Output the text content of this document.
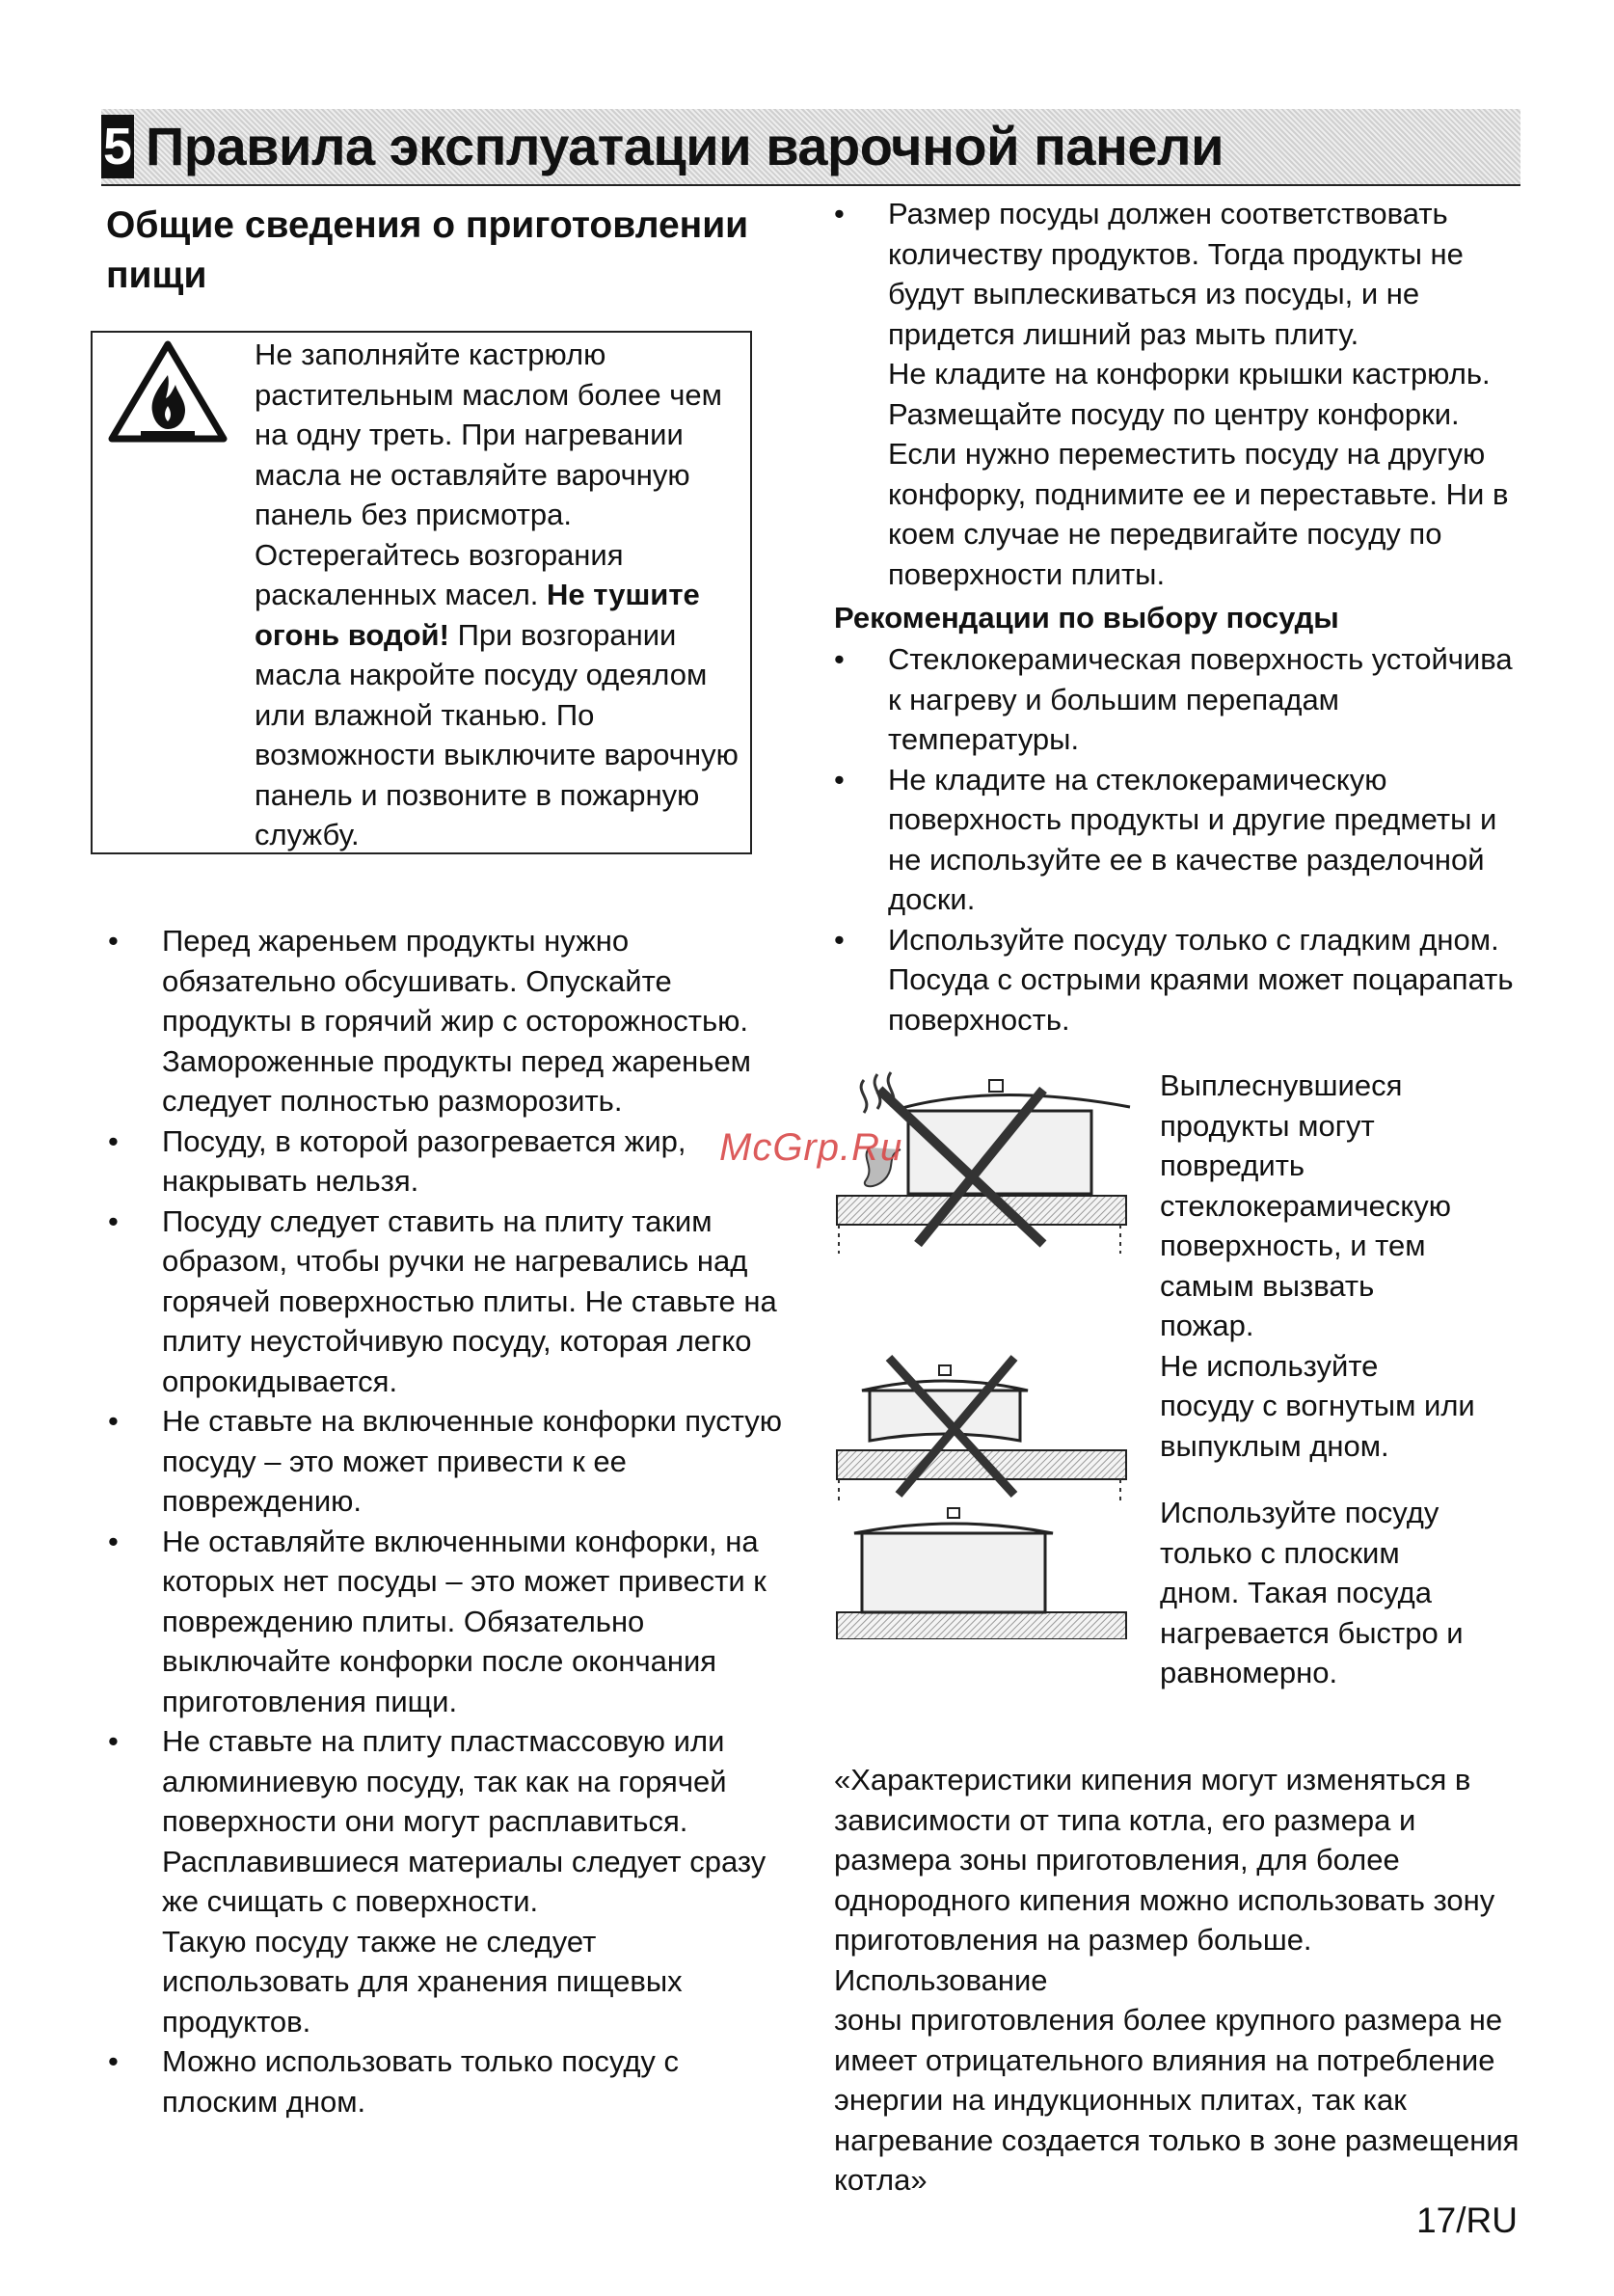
5 Правила эксплуатации варочной панели
Общие сведения о приготовлении
пищи
Не заполняйте кастрюлю
растительным маслом более чем
на одну треть. При нагревании
масла не оставляйте варочную
панель без присмотра.
Остерегайтесь возгорания
раскаленных масел. Не тушите
огонь водой! При возгорании
масла накройте посуду одеялом
или влажной тканью. По
возможности выключите варочную
панель и позвоните в пожарную
службу.
• Перед жареньем продукты нужно
обязательно обсушивать. Опускайте
продукты в горячий жир с осторожностью.
Замороженные продукты перед жареньем
следует полностью разморозить.
• Посуду, в которой разогревается жир,
накрывать нельзя.
• Посуду следует ставить на плиту таким
образом, чтобы ручки не нагревались над
горячей поверхностью плиты. Не ставьте на
плиту неустойчивую посуду, которая легко
опрокидывается.
• Не ставьте на включенные конфорки пустую
посуду – это может привести к ее
повреждению.
• Не оставляйте включенными конфорки, на
которых нет посуды – это может привести к
повреждению плиты. Обязательно
выключайте конфорки после окончания
приготовления пищи.
• Не ставьте на плиту пластмассовую или
алюминиевую посуду, так как на горячей
поверхности они могут расплавиться.
Расплавившиеся материалы следует сразу
же счищать с поверхности.
Такую посуду также не следует
использовать для хранения пищевых
продуктов.
• Можно использовать только посуду с
плоским дном.
• Размер посуды должен соответствовать
количеству продуктов. Тогда продукты не
будут выплескиваться из посуды, и не
придется лишний раз мыть плиту.
Не кладите на конфорки крышки кастрюль.
Размещайте посуду по центру конфорки.
Если нужно переместить посуду на другую
конфорку, поднимите ее и переставьте. Ни в
коем случае не передвигайте посуду по
поверхности плиты.
Рекомендации по выбору посуды
• Стеклокерамическая поверхность устойчива
к нагреву и большим перепадам
температуры.
• Не кладите на стеклокерамическую
поверхность продукты и другие предметы и
не используйте ее в качестве разделочной
доски.
• Используйте посуду только с гладким дном.
Посуда с острыми краями может поцарапать
поверхность.
Выплеснувшиеся
продукты могут
повредить
стеклокерамическую
поверхность, и тем
самым вызвать
пожар.
Не используйте
посуду с вогнутым или
выпуклым дном.
Используйте посуду
только с плоским
дном. Такая посуда
нагревается быстро и
равномерно.
«Характеристики кипения могут изменяться в
зависимости от типа котла, его размера и
размера зоны приготовления, для более
однородного кипения можно использовать зону
приготовления на размер больше. Использование
зоны приготовления более крупного размера не
имеет отрицательного влияния на потребление
энергии на индукционных плитах, так как
нагревание создается только в зоне размещения
котла»
McGrp.Ru
17/RU
